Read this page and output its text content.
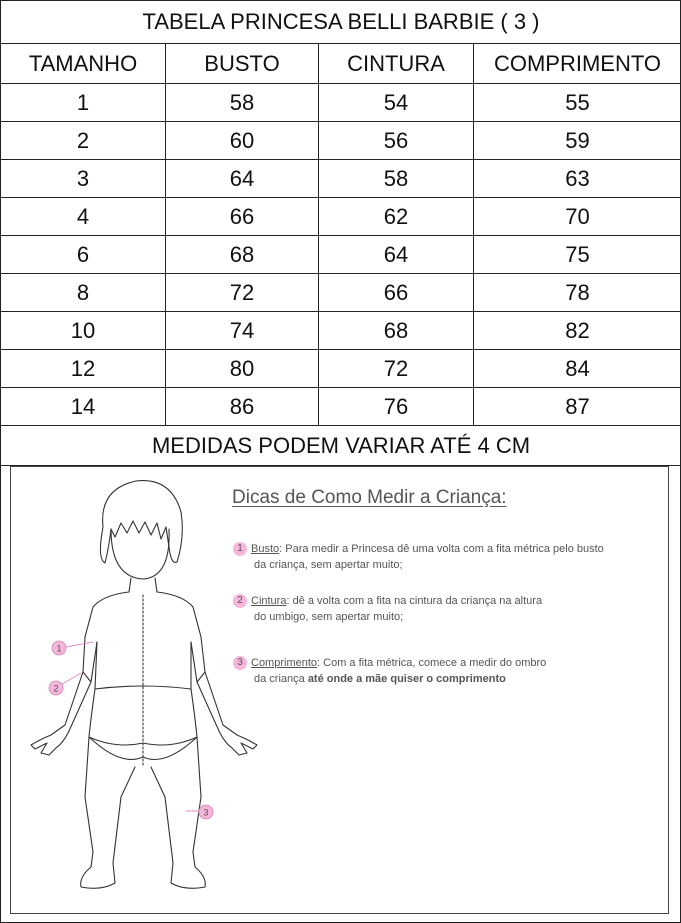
TABELA PRINCESA BELLI BARBIE ( 3 )			
TAMANHO	BUSTO	CINTURA	COMPRIMENTO
1	58	54	55
2	60	56	59
3	64	58	63
4	66	62	70
6	68	64	75
8	72	66	78
10	74	68	82
12	80	72	84
14	86	76	87
MEDIDAS PODEM VARIAR ATÉ 4 CM			
1
2
3
Dicas de Como Medir a Criança:
1 Busto: Para medir a Princesa dê uma volta com a fita métrica pelo busto
da criança, sem apertar muito;
2 Cintura: dê a volta com a fita na cintura da criança na altura
do umbigo, sem apertar muito;
3 Comprimento: Com a fita métrica, comece a medir do ombro
da criança até onde a mãe quiser o comprimento
